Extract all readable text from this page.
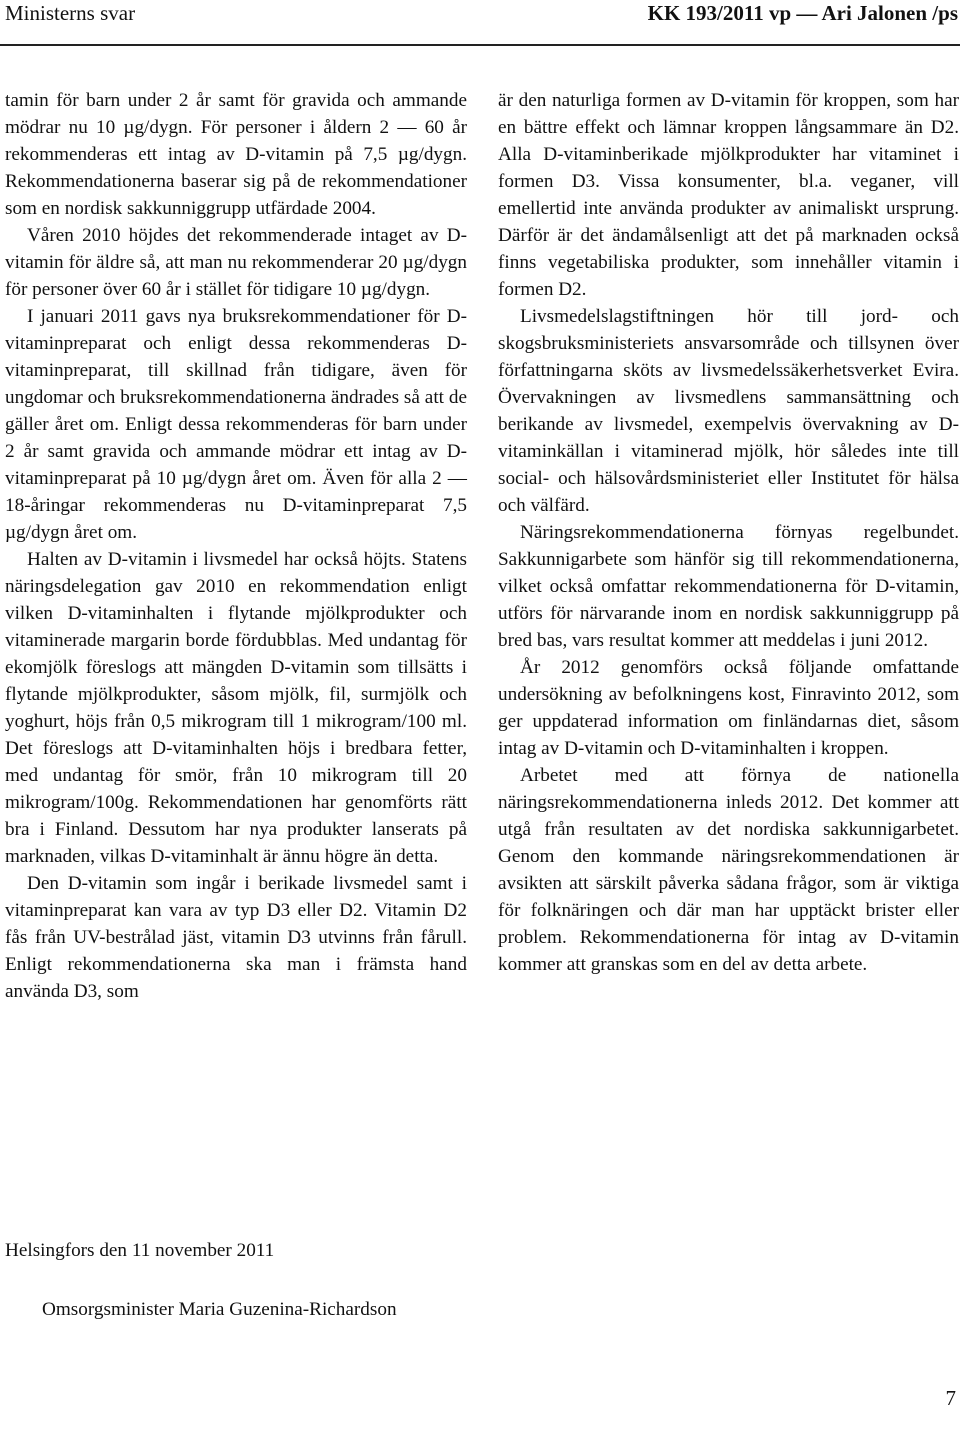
Ministerns svar	KK 193/2011 vp — Ari Jalonen /ps

tamin för barn under 2 år samt för gravida och ammande mödrar nu 10 µg/dygn. För personer i åldern 2 — 60 år rekommenderas ett intag av D-vitamin på 7,5 µg/dygn. Rekommendationerna baserar sig på de rekommendationer som en nordisk sakkunniggrupp utfärdade 2004.

Våren 2010 höjdes det rekommenderade intaget av D-vitamin för äldre så, att man nu rekommenderar 20 µg/dygn för personer över 60 år i stället för tidigare 10 µg/dygn.

I januari 2011 gavs nya bruksrekommendationer för D-vitaminpreparat och enligt dessa rekommenderas D-vitaminpreparat, till skillnad från tidigare, även för ungdomar och bruksrekommendationerna ändrades så att de gäller året om. Enligt dessa rekommenderas för barn under 2 år samt gravida och ammande mödrar ett intag av D-vitaminpreparat på 10 µg/dygn året om. Även för alla 2 — 18-åringar rekommenderas nu D-vitaminpreparat 7,5 µg/dygn året om.

Halten av D-vitamin i livsmedel har också höjts. Statens näringsdelegation gav 2010 en rekommendation enligt vilken D-vitaminhalten i flytande mjölkprodukter och vitaminerade margarin borde fördubblas. Med undantag för ekomjölk föreslogs att mängden D-vitamin som tillsätts i flytande mjölkprodukter, såsom mjölk, fil, surmjölk och yoghurt, höjs från 0,5 mikrogram till 1 mikrogram/100 ml. Det föreslogs att D-vitaminhalten höjs i bredbara fetter, med undantag för smör, från 10 mikrogram till 20 mikrogram/100g. Rekommendationen har genomförts rätt bra i Finland. Dessutom har nya produkter lanserats på marknaden, vilkas D-vitaminhalt är ännu högre än detta.

Den D-vitamin som ingår i berikade livsmedel samt i vitaminpreparat kan vara av typ D3 eller D2. Vitamin D2 fås från UV-bestrålad jäst, vitamin D3 utvinns från fårull. Enligt rekommendationerna ska man i främsta hand använda D3, som

är den naturliga formen av D-vitamin för kroppen, som har en bättre effekt och lämnar kroppen långsammare än D2. Alla D-vitaminberikade mjölkprodukter har vitaminet i formen D3. Vissa konsumenter, bl.a. veganer, vill emellertid inte använda produkter av animaliskt ursprung. Därför är det ändamålsenligt att det på marknaden också finns vegetabiliska produkter, som innehåller vitamin i formen D2.

Livsmedelslagstiftningen hör till jord- och skogsbruksministeriets ansvarsområde och tillsynen över författningarna sköts av livsmedelssäkerhetsverket Evira. Övervakningen av livsmedlens sammansättning och berikande av livsmedel, exempelvis övervakning av D-vitaminkällan i vitaminerad mjölk, hör således inte till social- och hälsovårdsministeriet eller Institutet för hälsa och välfärd.

Näringsrekommendationerna förnyas regelbundet. Sakkunnigarbete som hänför sig till rekommendationerna, vilket också omfattar rekommendationerna för D-vitamin, utförs för närvarande inom en nordisk sakkunniggrupp på bred bas, vars resultat kommer att meddelas i juni 2012.

År 2012 genomförs också följande omfattande undersökning av befolkningens kost, Finravinto 2012, som ger uppdaterad information om finländarnas diet, såsom intag av D-vitamin och D-vitaminhalten i kroppen.

Arbetet med att förnya de nationella näringsrekommendationerna inleds 2012. Det kommer att utgå från resultaten av det nordiska sakkunnigarbetet. Genom den kommande näringsrekommendationen är avsikten att särskilt påverka sådana frågor, som är viktiga för folknäringen och där man har upptäckt brister eller problem. Rekommendationerna för intag av D-vitamin kommer att granskas som en del av detta arbete.

Helsingfors den 11 november 2011
Omsorgsminister Maria Guzenina-Richardson
7
